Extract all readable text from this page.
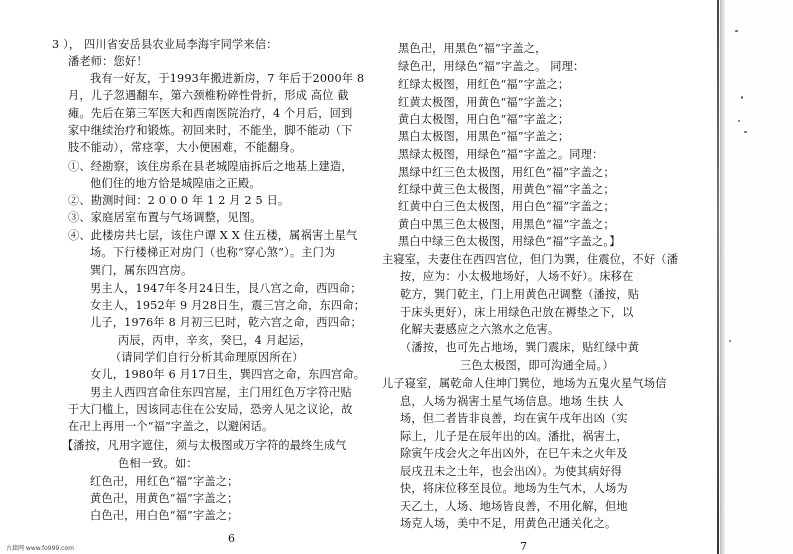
3 ）， 四川省安岳县农业局李海宇同学来信：
潘老师：您好！
我有一好友，于1993年搬进新房，7 年后于2000年 8
月，儿子忽遇翻车，第六颈椎粉碎性骨折，形成 高位 截
瘫。先后在第三军医大和西南医院治疗，4 个月后，回到
家中继续治疗和锻炼。初回来时，不能坐，脚不能动（下
肢不能动），常痉挛，大小便困难，不能翻身。
①、经勘察，该住房系在县老城隍庙拆后之地基上建造，
他们住的地方恰是城隍庙之正殿。
②、勘测时间：2 0 0 0 年 1 2 月 2 5 日。
③、家庭居室布置与气场调整，见图。
④、此楼房共七层，该住户谭 X X 住五楼，属祸害土星气
场。下行楼梯正对房门（也称“穿心煞”）。主门为
巽门，属东四宫房。
男主人，1947年冬月24日生，艮八宫之命，西四命；
女主人，1952年 9 月28日生，震三宫之命，东四命；
儿子，1976年 8 月初三巳时，乾六宫之命，西四命；
丙辰，丙申，辛亥，癸巳，4 月起运，
（请同学们自行分析其命理原因所在）
女儿，1980年 6 月17日生，巽四宫之命，东四宫命。
男主人西四宫命住东四宫屋，主门用红色万字符卍贴
于大门槛上，因该同志住在公安局，恐旁人见之议论，故
在卍上再用一个“福”字盖之，以避闲话。
【潘按，凡用字遮住，须与太极图或万字符的最终生成气
色相一致。如：
红色卍，用红色“福”字盖之；
黄色卍，用黄色“福”字盖之；
白色卍，用白色“福”字盖之；
6
黑色卍，用黑色“福”字盖之，
绿色卍，用绿色“福”字盖之。 同理：
红绿太极图，用红色“福”字盖之；
红黄太极图，用黄色“福”字盖之；
黄白太极图，用白色“福”字盖之；
黑白太极图，用黑色“福”字盖之；
黑绿太极图，用绿色“福”字盖之。同理：
黑绿中红三色太极图，用红色“福”字盖之；
红绿中黄三色太极图，用黄色“福”字盖之；
红黄中白三色太极图，用白色“福”字盖之；
黄白中黑三色太极图，用黑色“福”字盖之；
黑白中绿三色太极图，用绿色“福”字盖之。】
主寝室，夫妻住在西四宫位，但门为巽，住震位，不好（潘
按，应为：小太极地场好，人场不好）。床移在
乾方，巽门乾主，门上用黄色卍调整（潘按，贴
于床头更好），床上用绿色卍放在褥垫之下，以
化解夫妻感应之六煞水之危害。
（潘按，也可先占地场，巽门震床，贴红绿中黄
三色太极图，即可沟通全局。）
儿子寝室，属乾命人住坤门巽位，地场为五鬼火星气场信
息，人场为祸害土星气场信息。地场 生扶 人
场，但二者皆非良善，均在寅午戌年出凶（实
际上，儿子是在辰年出的凶。潘批，祸害土，
除寅午戌会火之年出凶外，在巳午未之火年及
辰戌丑未之土年，也会出凶）。为使其病好得
快，将床位移至艮位。地场为生气木，人场为
天乙土，人场、地场皆良善，不用化解，但地
场克人场，美中不足，用黄色卍通关化之。
7
古籍网 www.fo999.com
